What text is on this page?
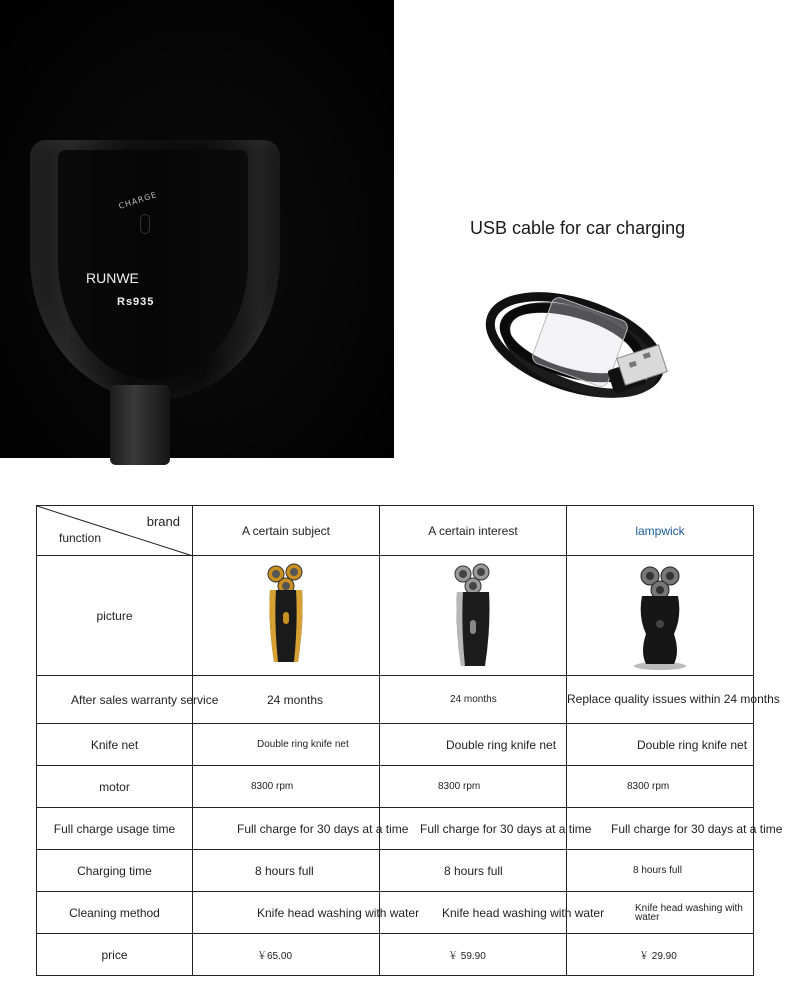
CHARGE
RUNWE
Rs935
USB cable for car charging
brand
function	A certain subject	A certain interest	lampwick
picture	

After sales warranty service	24 months	24 months	Replace quality issues within 24 months
Knife net	Double ring knife net	Double ring knife net	Double ring knife net
motor	8300 rpm	8300 rpm	8300 rpm
Full charge usage time	Full charge for 30 days at a time	Full charge for 30 days at a time	Full charge for 30 days at a time

Charging time	8 hours full	8 hours full	8 hours full
Cleaning method	Knife head washing with water	Knife head washing with water	Knife head washing with water
price	￥65.00	￥ 59.90	￥ 29.90
